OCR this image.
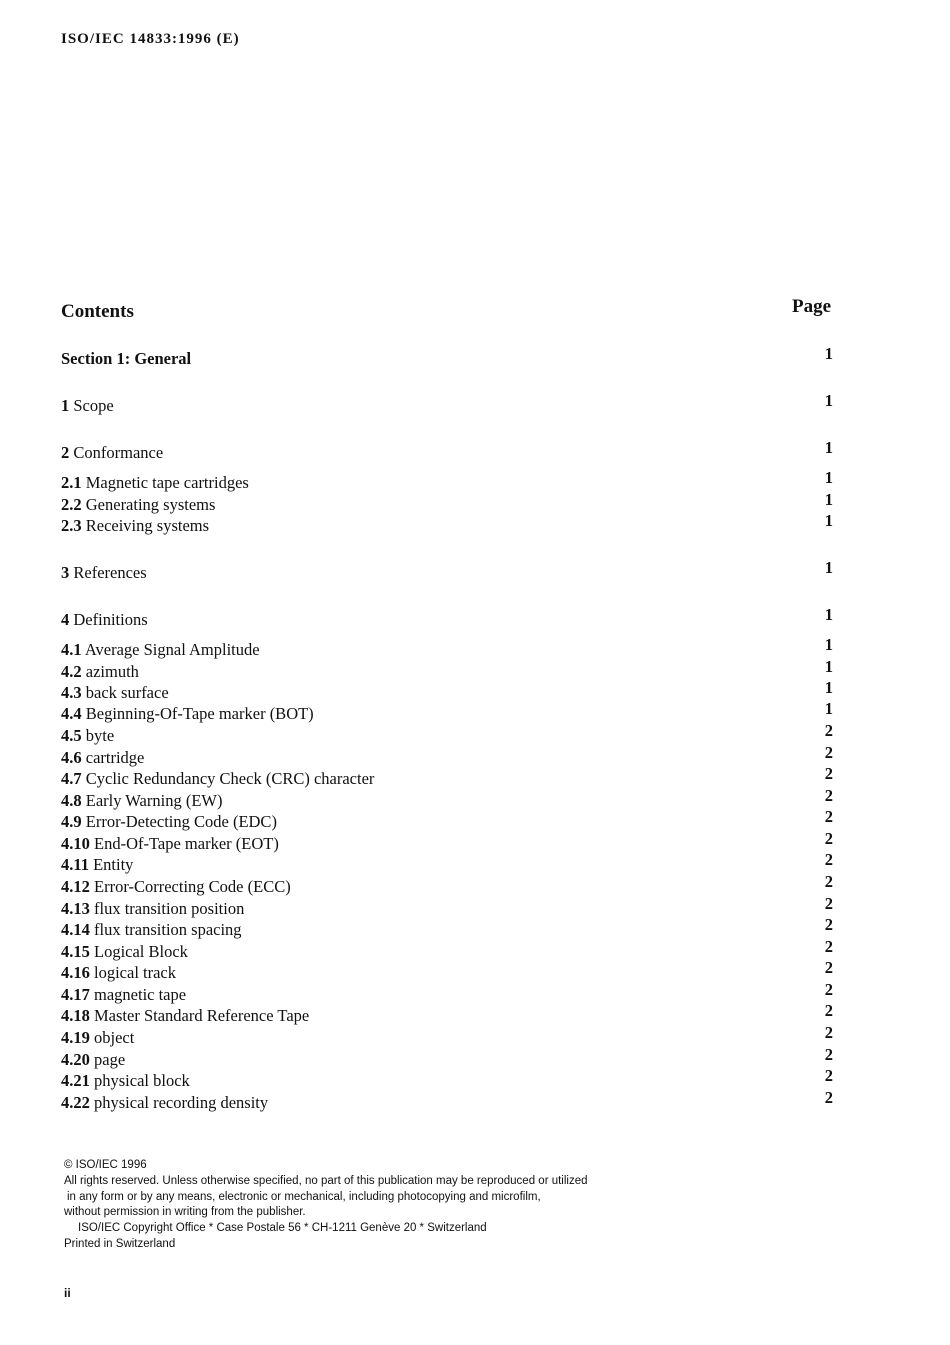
ISO/IEC 14833:1996 (E)
Contents	Page
Section 1: General	1
1 Scope	1
2 Conformance	1
2.1 Magnetic tape cartridges	1
2.2 Generating systems	1
2.3 Receiving systems	1
3 References	1
4 Definitions	1
4.1 Average Signal Amplitude	1
4.2 azimuth	1
4.3 back surface	1
4.4 Beginning-Of-Tape marker (BOT)	1
4.5 byte	2
4.6 cartridge	2
4.7 Cyclic Redundancy Check (CRC) character	2
4.8 Early Warning (EW)	2
4.9 Error-Detecting Code (EDC)	2
4.10 End-Of-Tape marker (EOT)	2
4.11 Entity	2
4.12 Error-Correcting Code (ECC)	2
4.13 flux transition position	2
4.14 flux transition spacing	2
4.15 Logical Block	2
4.16 logical track	2
4.17 magnetic tape	2
4.18 Master Standard Reference Tape	2
4.19 object	2
4.20 page	2
4.21 physical block	2
4.22 physical recording density	2
© ISO/IEC 1996
All rights reserved. Unless otherwise specified, no part of this publication may be reproduced or utilized
in any form or by any means, electronic or mechanical, including photocopying and microfilm,
without permission in writing from the publisher.
ISO/IEC Copyright Office * Case Postale 56 * CH-1211 Genève 20 * Switzerland
Printed in Switzerland
ii
